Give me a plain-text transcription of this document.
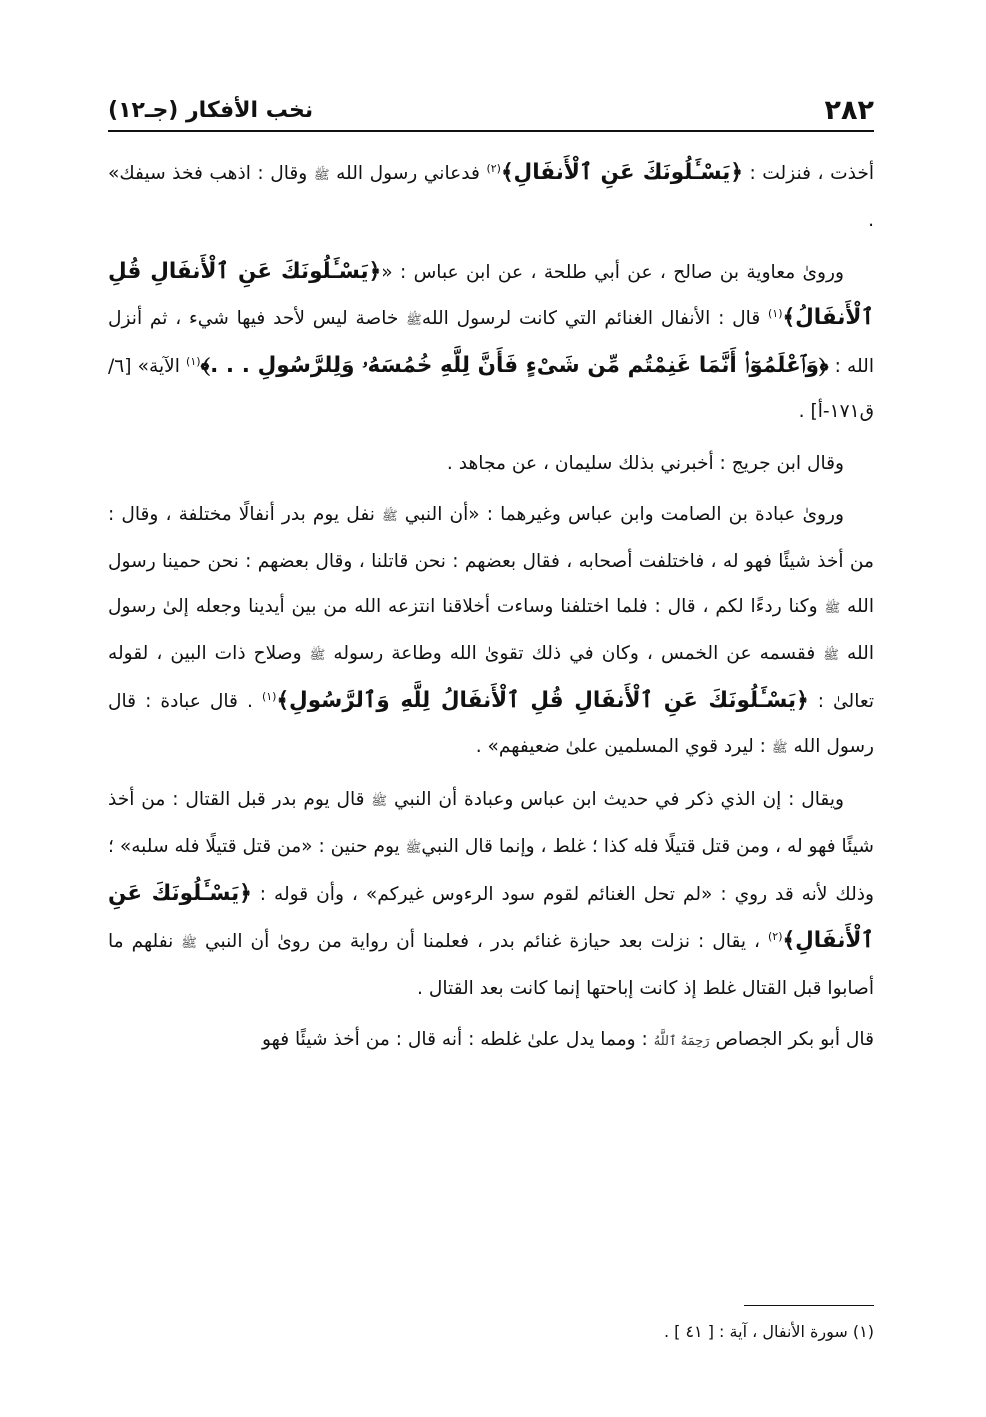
٢٨٢
نخب الأفكار (جـ١٢)

أخذت ، فنزلت : ﴿يَسْـَٔلُونَكَ عَنِ ٱلْأَنفَالِ﴾$^{(٢)}$ فدعاني رسول الله ﷺ وقال : اذهب فخذ سيفك» .

وروىٰ معاوية بن صالح ، عن أبي طلحة ، عن ابن عباس : «﴿يَسْـَٔلُونَكَ عَنِ ٱلْأَنفَالِ قُلِ ٱلْأَنفَالُ﴾$^{(١)}$ قال : الأنفال الغنائم التي كانت لرسول اللهﷺ خاصة ليس لأحد فيها شيء ، ثم أنزل الله : ﴿وَٱعْلَمُوٓا۟ أَنَّمَا غَنِمْتُم مِّن شَىْءٍ فَأَنَّ لِلَّهِ خُمُسَهُۥ وَلِلرَّسُولِ . . .﴾$^{(١)}$ الآية» [٦/ ق١٧١-أ] .

وقال ابن جريج : أخبرني بذلك سليمان ، عن مجاهد .

وروىٰ عبادة بن الصامت وابن عباس وغيرهما : «أن النبي ﷺ نفل يوم بدر أنفالًا مختلفة ، وقال : من أخذ شيئًا فهو له ، فاختلفت أصحابه ، فقال بعضهم : نحن قاتلنا ، وقال بعضهم : نحن حمينا رسول الله ﷺ وكنا ردءًا لكم ، قال : فلما اختلفنا وساءت أخلاقنا انتزعه الله من بين أيدينا وجعله إلىٰ رسول الله ﷺ فقسمه عن الخمس ، وكان في ذلك تقوىٰ الله وطاعة رسوله ﷺ وصلاح ذات البين ، لقوله تعالىٰ : ﴿يَسْـَٔلُونَكَ عَنِ ٱلْأَنفَالِ قُلِ ٱلْأَنفَالُ لِلَّهِ وَٱلرَّسُولِ﴾$^{(١)}$ . قال عبادة : قال رسول الله ﷺ : ليرد قوي المسلمين علىٰ ضعيفهم» .

ويقال : إن الذي ذكر في حديث ابن عباس وعبادة أن النبي ﷺ قال يوم بدر قبل القتال : من أخذ شيئًا فهو له ، ومن قتل قتيلًا فله كذا ؛ غلط ، وإنما قال النبيﷺ يوم حنين : «من قتل قتيلًا فله سلبه» ؛ وذلك لأنه قد روي : «لم تحل الغنائم لقوم سود الرءوس غيركم» ، وأن قوله : ﴿يَسْـَٔلُونَكَ عَنِ ٱلْأَنفَالِ﴾$^{(٢)}$ ، يقال : نزلت بعد حيازة غنائم بدر ، فعلمنا أن رواية من روىٰ أن النبي ﷺ نفلهم ما أصابوا قبل القتال غلط إذ كانت إباحتها إنما كانت بعد القتال .

قال أبو بكر الجصاص رَحِمَهُ ٱللَّهُ : ومما يدل علىٰ غلطه : أنه قال : من أخذ شيئًا فهو

(١) سورة الأنفال ، آية : [ ٤١ ] .
